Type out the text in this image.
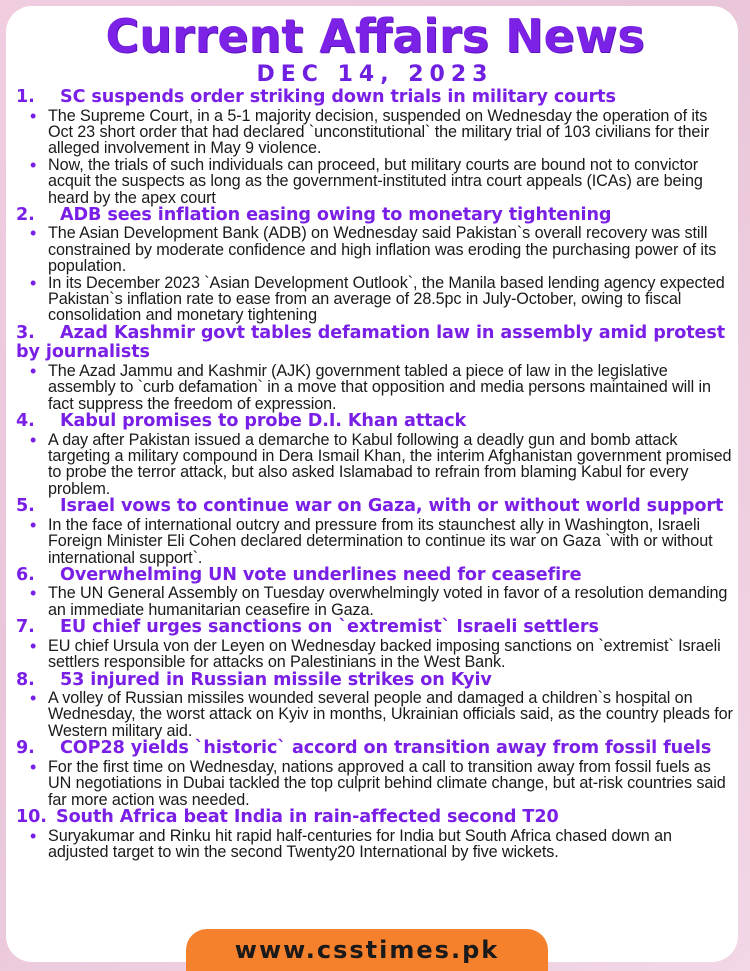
Current Affairs News
DEC 14, 2023
1. SC suspends order striking down trials in military courts
• The Supreme Court, in a 5-1 majority decision, suspended on Wednesday the operation of its Oct 23 short order that had declared `unconstitutional` the military trial of 103 civilians for their alleged involvement in May 9 violence.
• Now, the trials of such individuals can proceed, but military courts are bound not to convictor acquit the suspects as long as the government-instituted intra court appeals (ICAs) are being heard by the apex court
2. ADB sees inflation easing owing to monetary tightening
• The Asian Development Bank (ADB) on Wednesday said Pakistan`s overall recovery was still constrained by moderate confidence and high inflation was eroding the purchasing power of its population.
• In its December 2023 `Asian Development Outlook`, the Manila based lending agency expected Pakistan`s inflation rate to ease from an average of 28.5pc in July-October, owing to fiscal consolidation and monetary tightening
3. Azad Kashmir govt tables defamation law in assembly amid protest by journalists
• The Azad Jammu and Kashmir (AJK) government tabled a piece of law in the legislative assembly to `curb defamation` in a move that opposition and media persons maintained will in fact suppress the freedom of expression.
4. Kabul promises to probe D.I. Khan attack
• A day after Pakistan issued a demarche to Kabul following a deadly gun and bomb attack targeting a military compound in Dera Ismail Khan, the interim Afghanistan government promised to probe the terror attack, but also asked Islamabad to refrain from blaming Kabul for every problem.
5. Israel vows to continue war on Gaza, with or without world support
• In the face of international outcry and pressure from its staunchest ally in Washington, Israeli Foreign Minister Eli Cohen declared determination to continue its war on Gaza `with or without international support`.
6. Overwhelming UN vote underlines need for ceasefire
• The UN General Assembly on Tuesday overwhelmingly voted in favor of a resolution demanding an immediate humanitarian ceasefire in Gaza.
7. EU chief urges sanctions on `extremist` Israeli settlers
• EU chief Ursula von der Leyen on Wednesday backed imposing sanctions on `extremist` Israeli settlers responsible for attacks on Palestinians in the West Bank.
8. 53 injured in Russian missile strikes on Kyiv
• A volley of Russian missiles wounded several people and damaged a children`s hospital on Wednesday, the worst attack on Kyiv in months, Ukrainian officials said, as the country pleads for Western military aid.
9. COP28 yields `historic` accord on transition away from fossil fuels
• For the first time on Wednesday, nations approved a call to transition away from fossil fuels as UN negotiations in Dubai tackled the top culprit behind climate change, but at-risk countries said far more action was needed.
10. South Africa beat India in rain-affected second T20
• Suryakumar and Rinku hit rapid half-centuries for India but South Africa chased down an adjusted target to win the second Twenty20 International by five wickets.
www.csstimes.pk
